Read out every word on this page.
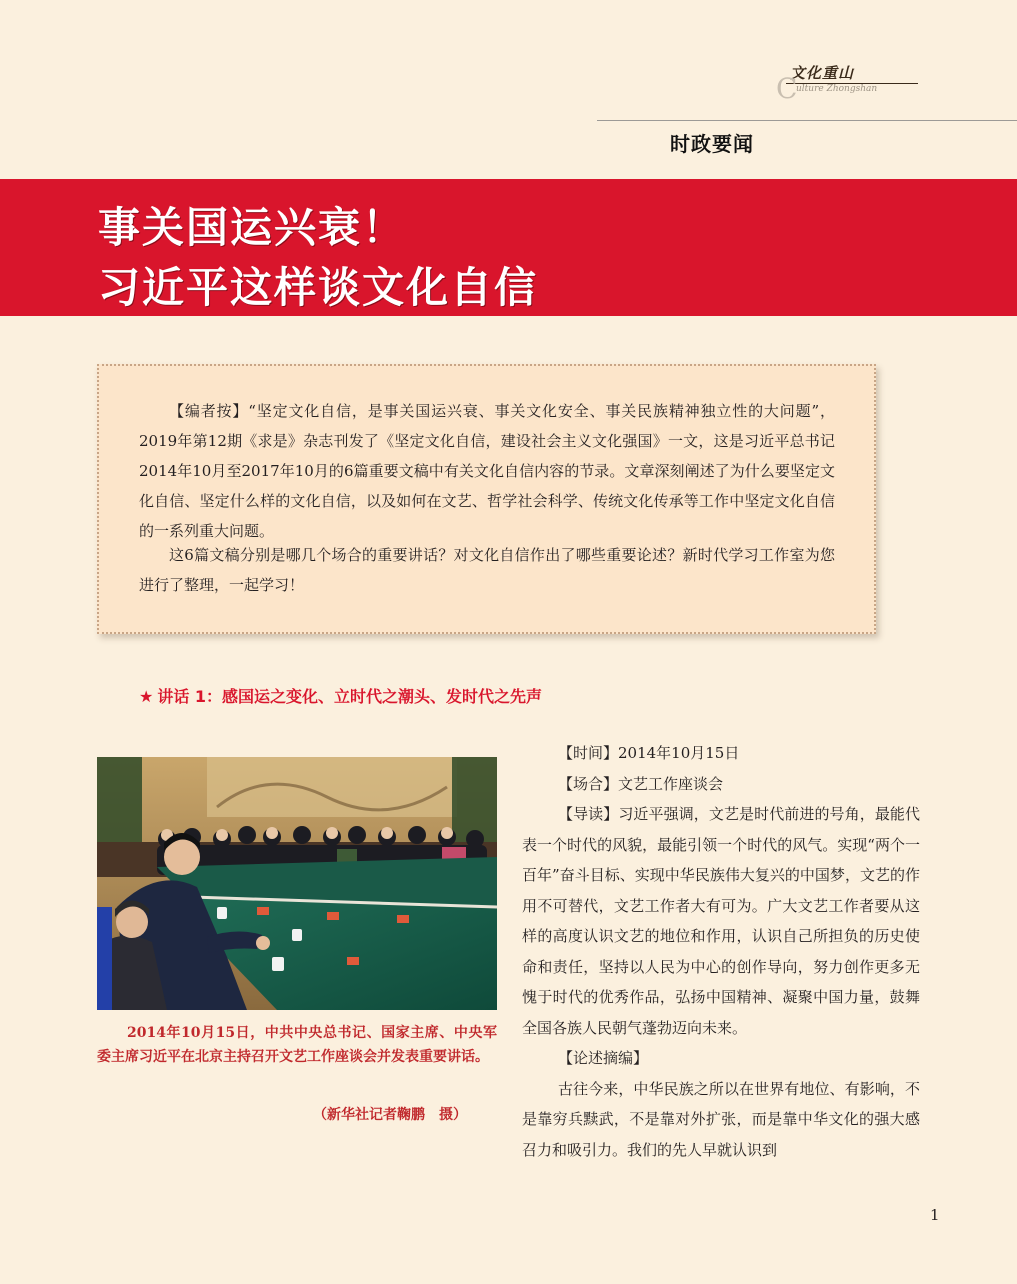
文化重山
C
ulture Zhongshan
时政要闻
事关国运兴衰！
习近平这样谈文化自信

【编者按】“坚定文化自信，是事关国运兴衰、事关文化安全、事关民族精神独立性的大问题”，2019年第12期《求是》杂志刊发了《坚定文化自信，建设社会主义文化强国》一文，这是习近平总书记2014年10月至2017年10月的6篇重要文稿中有关文化自信内容的节录。文章深刻阐述了为什么要坚定文化自信、坚定什么样的文化自信，以及如何在文艺、哲学社会科学、传统文化传承等工作中坚定文化自信的一系列重大问题。

这6篇文稿分别是哪几个场合的重要讲话？对文化自信作出了哪些重要论述？新时代学习工作室为您进行了整理，一起学习！

★ 讲话 1：感国运之变化、立时代之潮头、发时代之先声
2014年10月15日，中共中央总书记、国家主席、中央军委主席习近平在北京主持召开文艺工作座谈会并发表重要讲话。
（新华社记者鞠鹏　摄）

【时间】2014年10月15日

【场合】文艺工作座谈会

【导读】习近平强调，文艺是时代前进的号角，最能代表一个时代的风貌，最能引领一个时代的风气。实现“两个一百年”奋斗目标、实现中华民族伟大复兴的中国梦，文艺的作用不可替代，文艺工作者大有可为。广大文艺工作者要从这样的高度认识文艺的地位和作用，认识自己所担负的历史使命和责任，坚持以人民为中心的创作导向，努力创作更多无愧于时代的优秀作品，弘扬中国精神、凝聚中国力量，鼓舞全国各族人民朝气蓬勃迈向未来。

【论述摘编】

古往今来，中华民族之所以在世界有地位、有影响，不是靠穷兵黩武，不是靠对外扩张，而是靠中华文化的强大感召力和吸引力。我们的先人早就认识到

1
